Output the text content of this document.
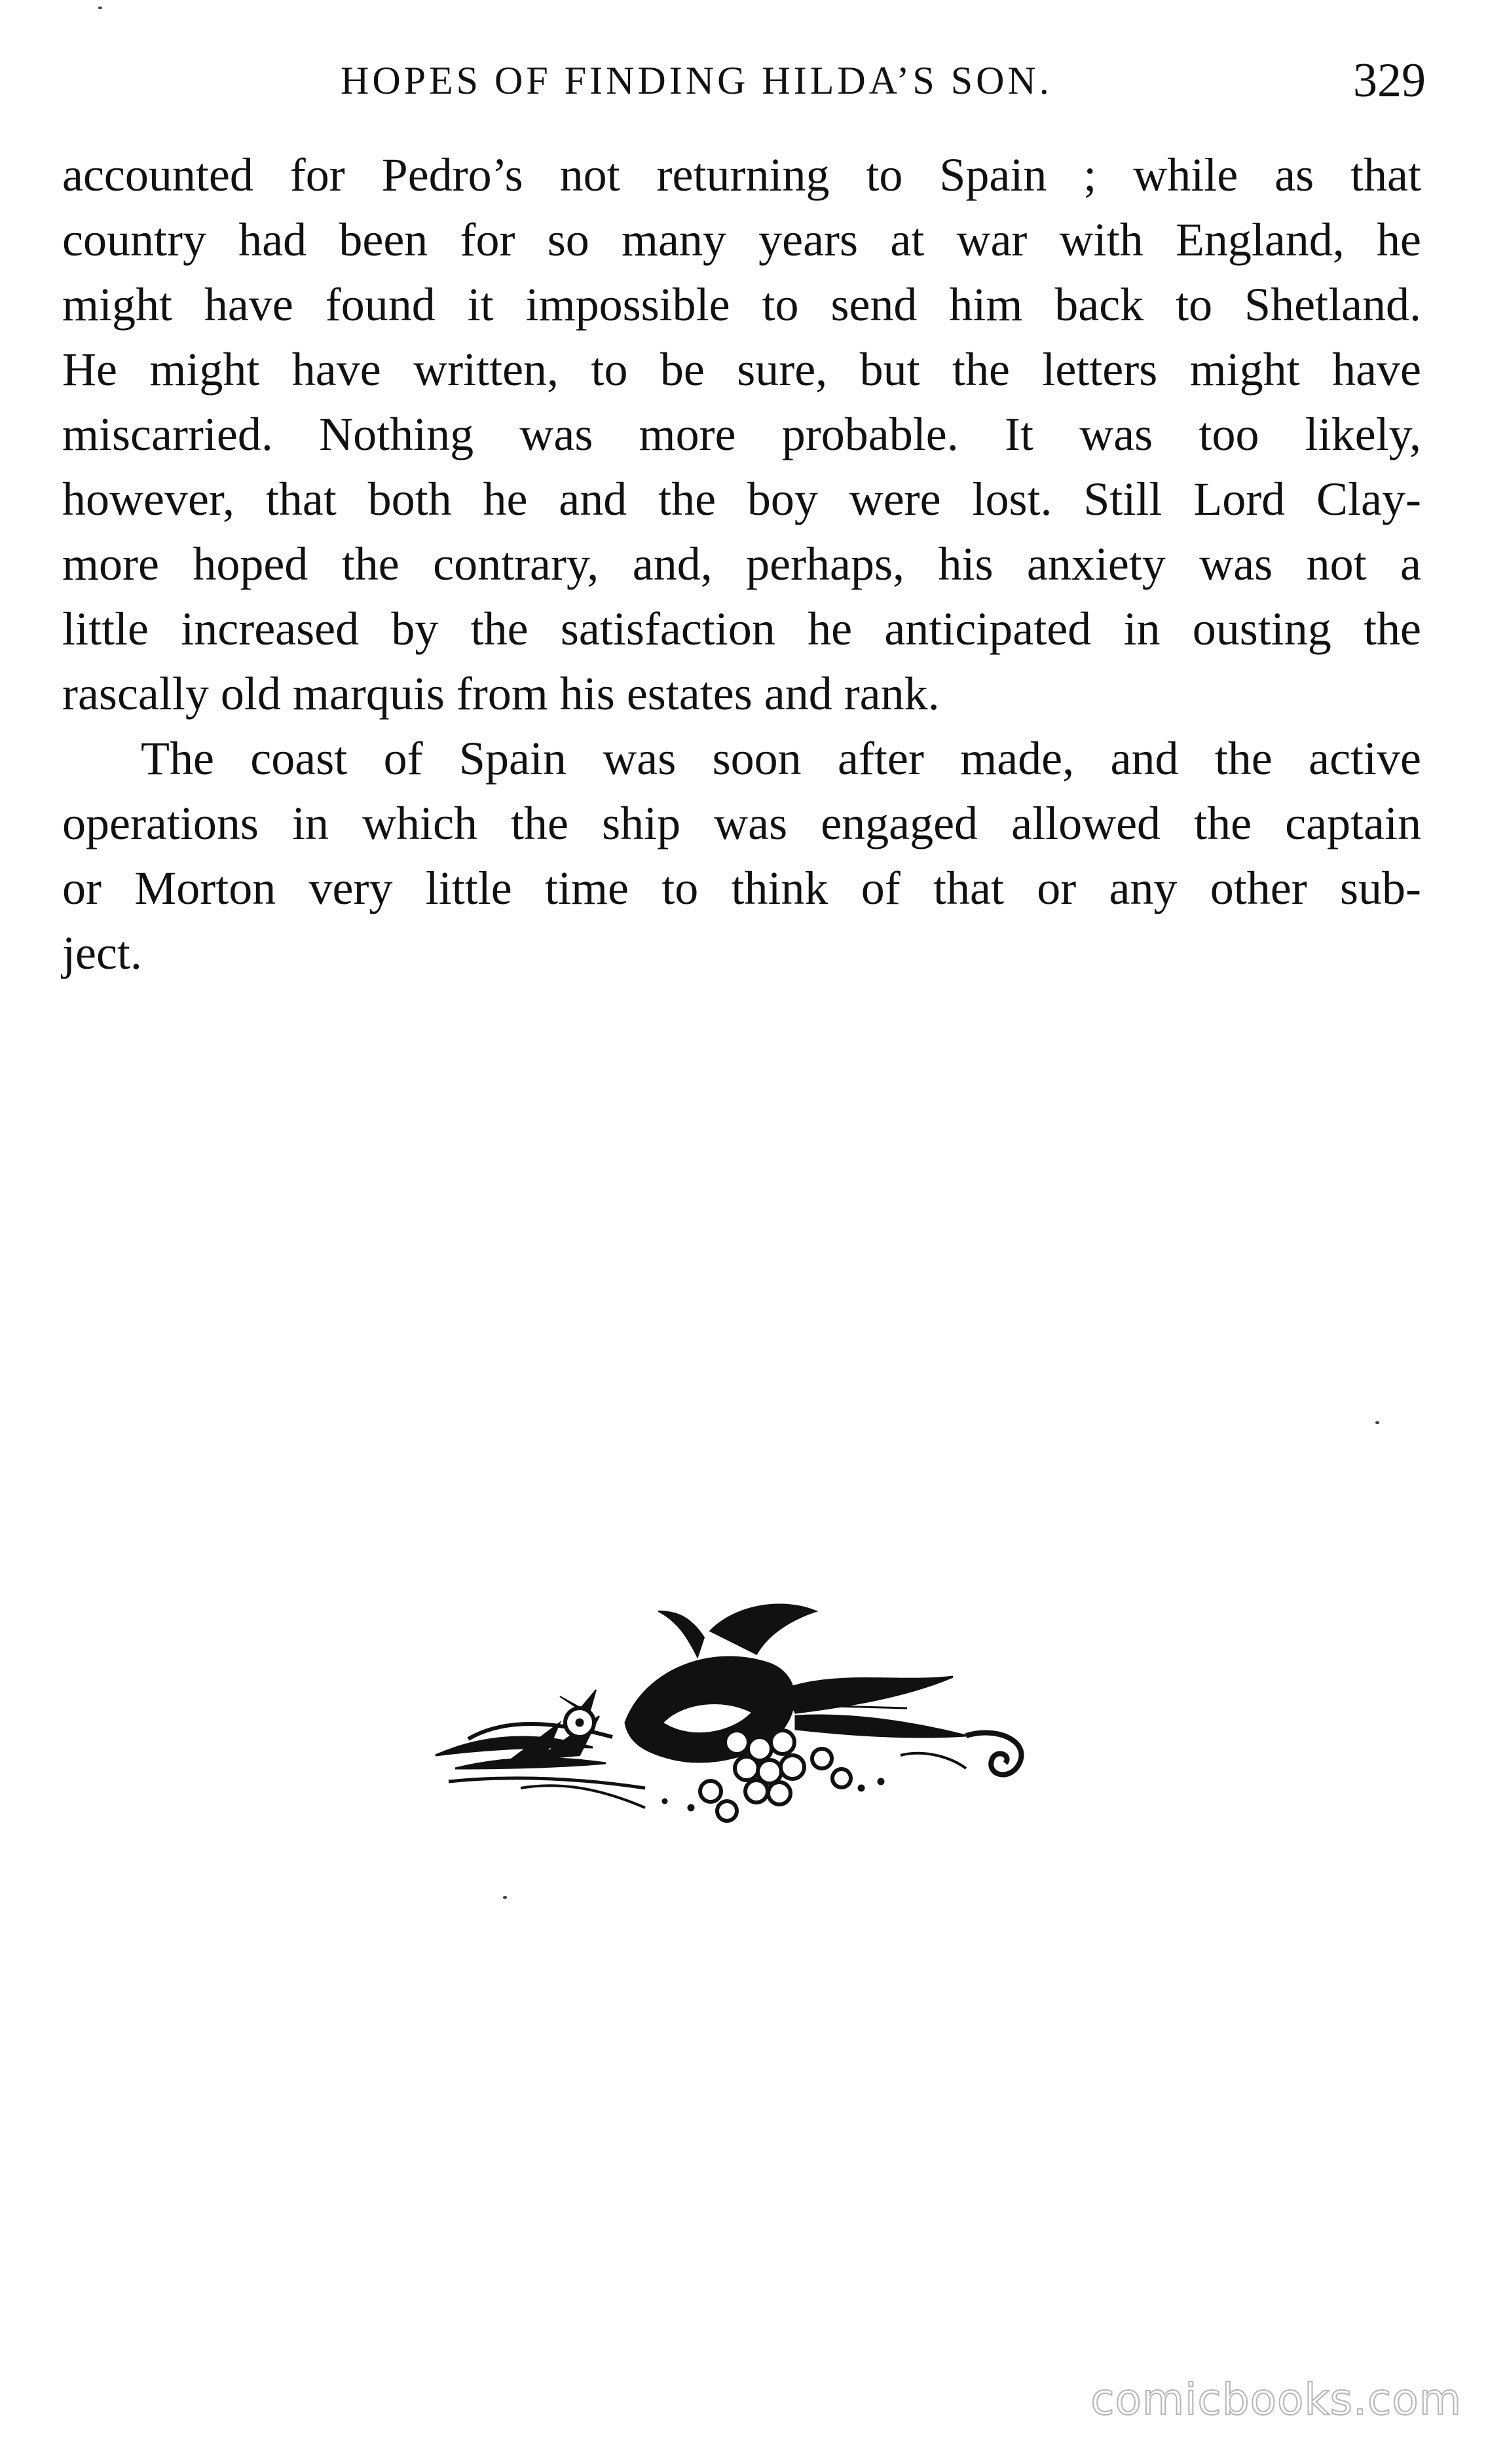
HOPES OF FINDING HILDA’S SON.	329

accounted for Pedro’s not returning to Spain ; while as that
country had been for so many years at war with England, he
might have found it impossible to send him back to Shetland.
He might have written, to be sure, but the letters might have
miscarried. Nothing was more probable. It was too likely,
however, that both he and the boy were lost. Still Lord Clay-
more hoped the contrary, and, perhaps, his anxiety was not a
little increased by the satisfaction he anticipated in ousting the
rascally old marquis from his estates and rank.

The coast of Spain was soon after made, and the active
operations in which the ship was engaged allowed the captain
or Morton very little time to think of that or any other sub-
ject.

comicbooks.com
